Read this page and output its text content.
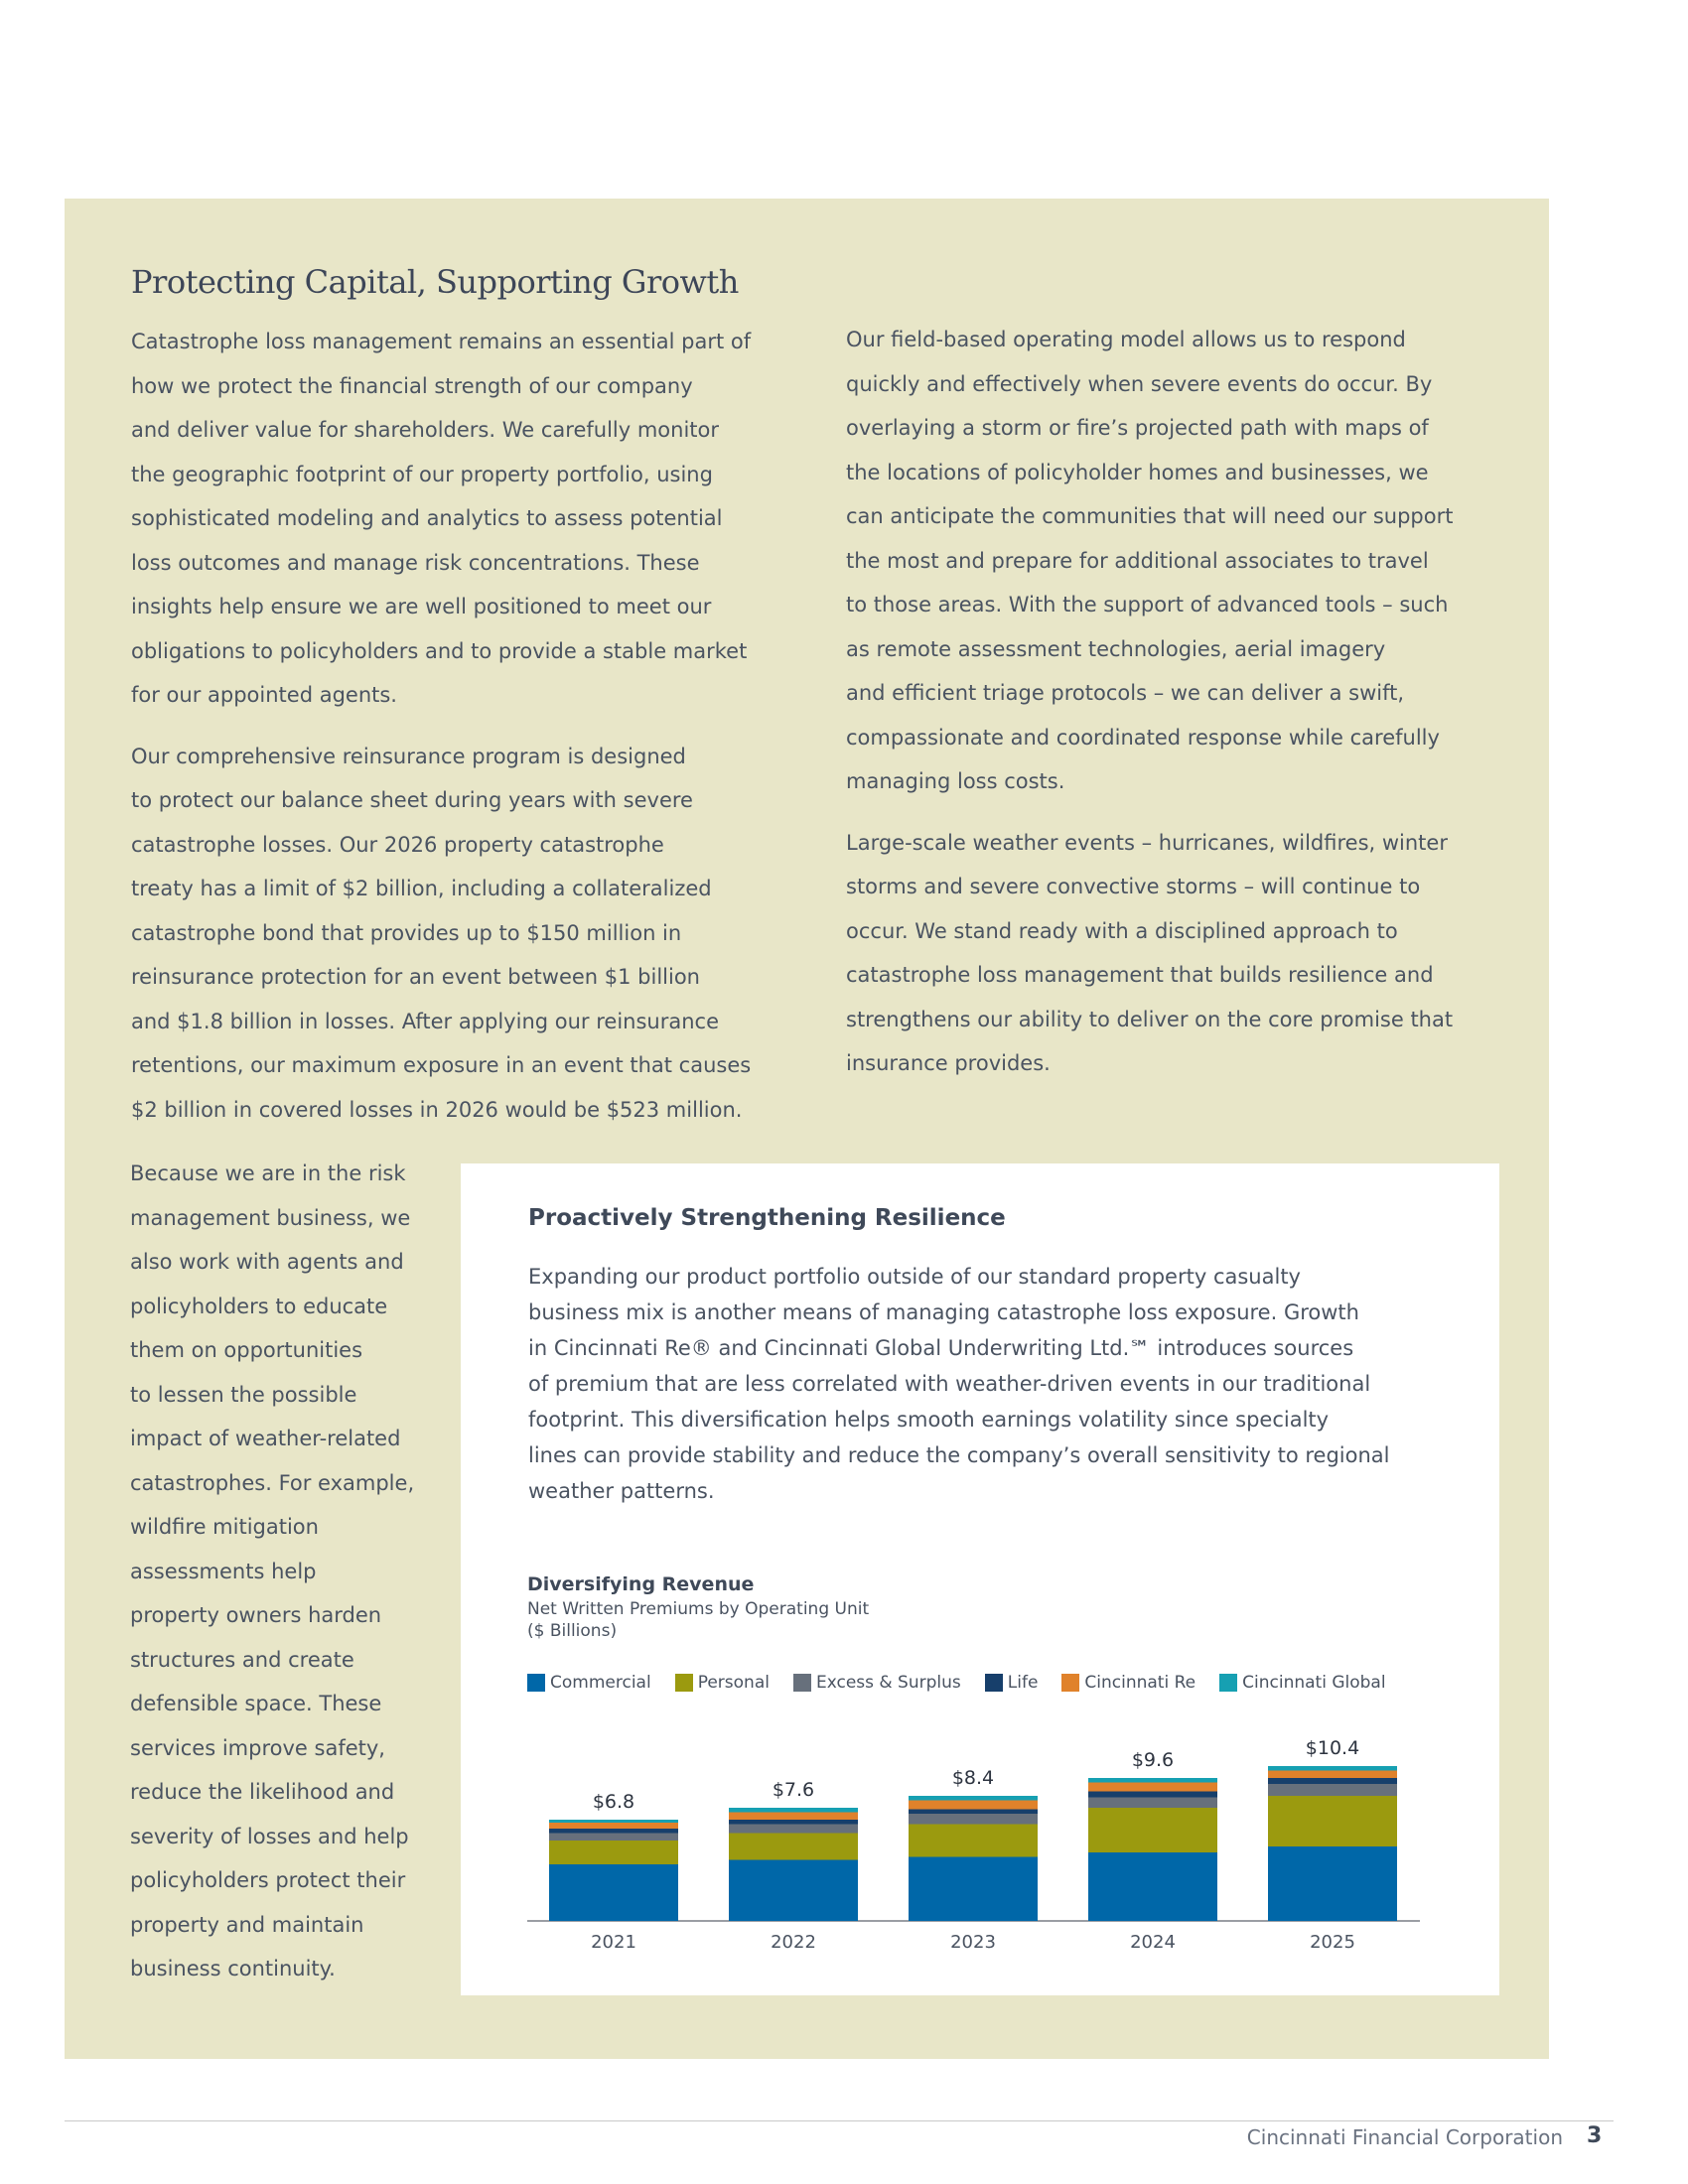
Protecting Capital, Supporting Growth

Catastrophe loss management remains an essential part of
how we protect the financial strength of our company
and deliver value for shareholders. We carefully monitor
the geographic footprint of our property portfolio, using
sophisticated modeling and analytics to assess potential
loss outcomes and manage risk concentrations. These
insights help ensure we are well positioned to meet our
obligations to policyholders and to provide a stable market
for our appointed agents.

Our comprehensive reinsurance program is designed
to protect our balance sheet during years with severe
catastrophe losses. Our 2026 property catastrophe
treaty has a limit of $2 billion, including a collateralized
catastrophe bond that provides up to $150 million in
reinsurance protection for an event between $1 billion
and $1.8 billion in losses. After applying our reinsurance
retentions, our maximum exposure in an event that causes
$2 billion in covered losses in 2026 would be $523 million.

Our field-based operating model allows us to respond
quickly and effectively when severe events do occur. By
overlaying a storm or fire’s projected path with maps of
the locations of policyholder homes and businesses, we
can anticipate the communities that will need our support
the most and prepare for additional associates to travel
to those areas. With the support of advanced tools – such
as remote assessment technologies, aerial imagery
and efficient triage protocols – we can deliver a swift,
compassionate and coordinated response while carefully
managing loss costs.

Large-scale weather events – hurricanes, wildfires, winter
storms and severe convective storms – will continue to
occur. We stand ready with a disciplined approach to
catastrophe loss management that builds resilience and
strengthens our ability to deliver on the core promise that
insurance provides.

Because we are in the risk
management business, we
also work with agents and
policyholders to educate
them on opportunities
to lessen the possible
impact of weather-related
catastrophes. For example,
wildfire mitigation
assessments help
property owners harden
structures and create
defensible space. These
services improve safety,
reduce the likelihood and
severity of losses and help
policyholders protect their
property and maintain
business continuity.

Proactively Strengthening Resilience

Expanding our product portfolio outside of our standard property casualty
business mix is another means of managing catastrophe loss exposure. Growth
in Cincinnati Re® and Cincinnati Global Underwriting Ltd.℠ introduces sources
of premium that are less correlated with weather-driven events in our traditional
footprint. This diversification helps smooth earnings volatility since specialty
lines can provide stability and reduce the company’s overall sensitivity to regional
weather patterns.

Diversifying Revenue
Net Written Premiums by Operating Unit
($ Billions)
Commercial	Personal	Excess & Surplus	Life	Cincinnati Re	Cincinnati Global
$6.8
2021
$7.6
2022
$8.4
2023
$9.6
2024
$10.4
2025
Cincinnati Financial Corporation 3
